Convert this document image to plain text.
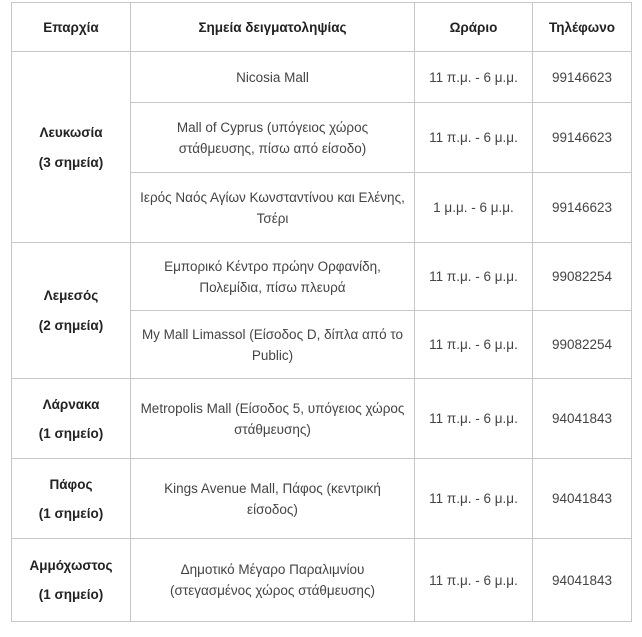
Επαρχία	Σημεία δειγματοληψίας	Ωράριο	Τηλέφωνο

Λευκωσία
(3 σημεία)	Nicosia Mall	11 π.μ. - 6 μ.μ.	99146623
	Mall of Cyprus (υπόγειος χώρος στάθμευσης, πίσω από είσοδο)	11 π.μ. - 6 μ.μ.	99146623
	Ιερός Ναός Αγίων Κωνσταντίνου και Ελένης, Τσέρι	1 μ.μ. - 6 μ.μ.	99146623

Λεμεσός
(2 σημεία)	Εμπορικό Κέντρο πρώην Ορφανίδη, Πολεμίδια, πίσω πλευρά	11 π.μ. - 6 μ.μ.	99082254
	My Mall Limassol (Είσοδος D, δίπλα από το Public)	11 π.μ. - 6 μ.μ.	99082254

Λάρνακα
(1 σημείο)	Metropolis Mall (Είσοδος 5, υπόγειος χώρος στάθμευσης)	11 π.μ. - 6 μ.μ.	94041843

Πάφος
(1 σημείο)	Kings Avenue Mall, Πάφος (κεντρική είσοδος)	11 π.μ. - 6 μ.μ.	94041843

Αμμόχωστος
(1 σημείο)	Δημοτικό Μέγαρο Παραλιμνίου (στεγασμένος χώρος στάθμευσης)	11 π.μ. - 6 μ.μ.	94041843
